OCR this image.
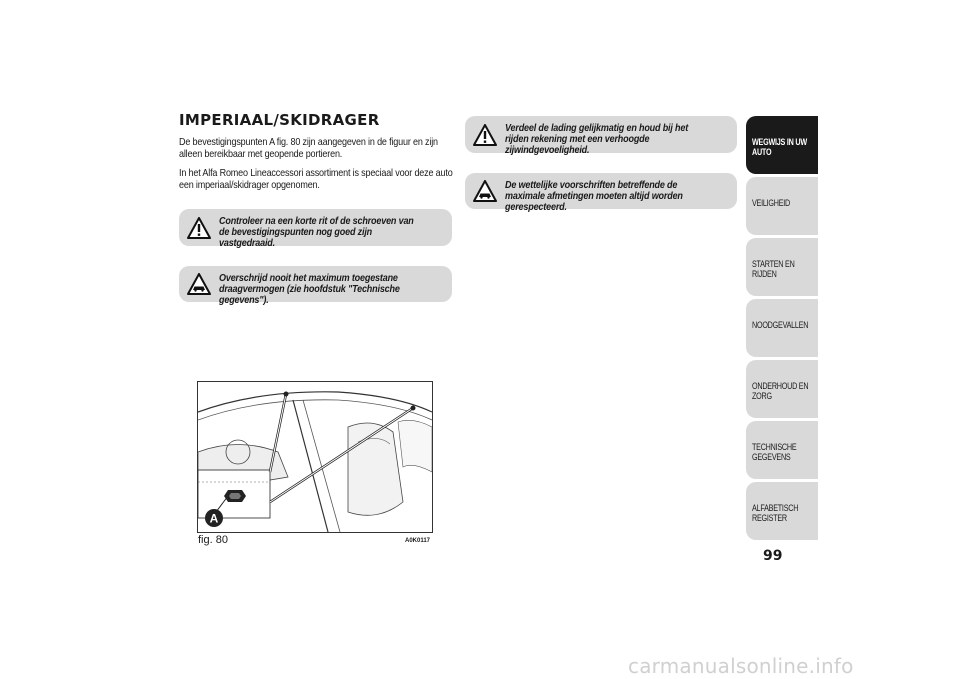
IMPERIAAL/SKIDRAGER
De bevestigingspunten A fig. 80 zijn aangegeven in de figuur en zijn alleen bereikbaar met geopende portieren.
In het Alfa Romeo Lineaccessori assortiment is speciaal voor deze auto een imperiaal/skidrager opgenomen.
Controleer na een korte rit of de schroeven van de bevestigingspunten nog goed zijn vastgedraaid.
Overschrijd nooit het maximum toegestane draagvermogen (zie hoofdstuk "Technische gegevens").
Verdeel de lading gelijkmatig en houd bij het rijden rekening met een verhoogde zijwindgevoeligheid.
De wettelijke voorschriften betreffende de maximale afmetingen moeten altijd worden gerespecteerd.
A
fig. 80	A0K0117
WEGWIJS IN UW AUTO
VEILIGHEID
STARTEN EN RIJDEN
NOODGEVALLEN
ONDERHOUD EN ZORG
TECHNISCHE GEGEVENS
ALFABETISCH REGISTER
99
carmanualsonline.info
